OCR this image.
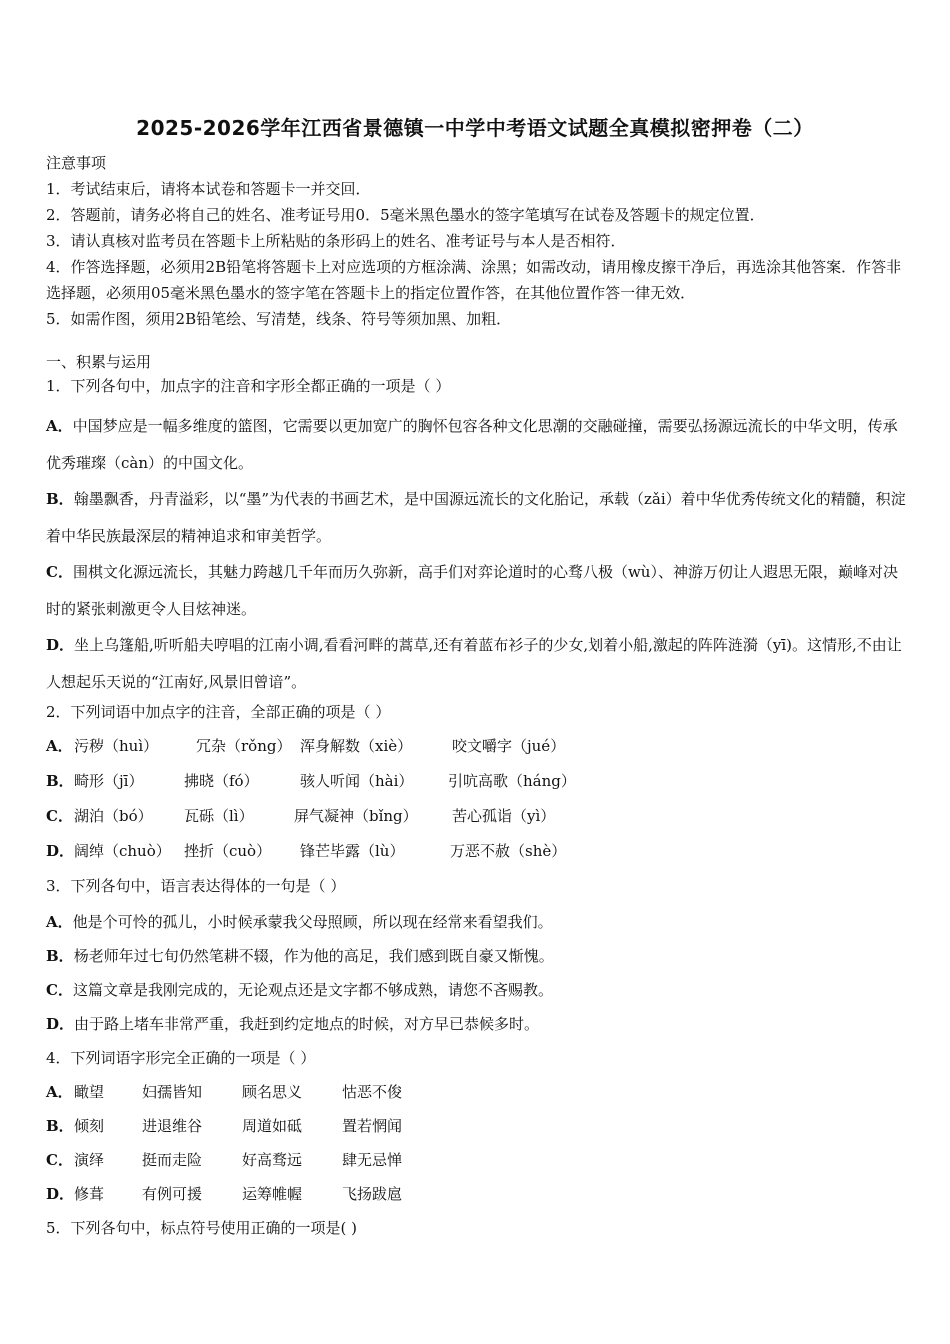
2025-2026学年江西省景德镇一中学中考语文试题全真模拟密押卷（二）

注意事项

1．考试结束后，请将本试卷和答题卡一并交回．

2．答题前，请务必将自己的姓名、准考证号用0．5毫米黑色墨水的签字笔填写在试卷及答题卡的规定位置．

3．请认真核对监考员在答题卡上所粘贴的条形码上的姓名、准考证号与本人是否相符．

4．作答选择题，必须用2B铅笔将答题卡上对应选项的方框涂满、涂黑；如需改动，请用橡皮擦干净后，再选涂其他答案．作答非选择题，必须用05毫米黑色墨水的签字笔在答题卡上的指定位置作答，在其他位置作答一律无效．

5．如需作图，须用2B铅笔绘、写清楚，线条、符号等须加黑、加粗．

一、积累与运用

1．下列各句中，加点字的注音和字形全都正确的一项是（ ）

A．中国梦应是一幅多维度的篮图，它需要以更加宽广的胸怀包容各种文化思潮的交融碰撞，需要弘扬源远流长的中华文明，传承优秀璀璨（càn）的中国文化。

B．翰墨飘香，丹青溢彩，以“墨”为代表的书画艺术，是中国源远流长的文化胎记，承载（zǎi）着中华优秀传统文化的精髓，积淀着中华民族最深层的精神追求和审美哲学。

C．围棋文化源远流长，其魅力跨越几千年而历久弥新，高手们对弈论道时的心骛八极（wù）、神游万仞让人遐思无限，巅峰对决时的紧张刺激更令人目炫神迷。

D．坐上乌篷船,听听船夫哼唱的江南小调,看看河畔的蒿草,还有着蓝布衫子的少女,划着小船,激起的阵阵涟漪（yī)。这情形,不由让人想起乐天说的“江南好,风景旧曾谙”。

2．下列词语中加点字的注音，全部正确的项是（ ）

A． 污秽（huì）	冗杂（rǒng） 浑身解数（xiè）	咬文嚼字（jué）
B． 畸形（jī）	拂晓（fó）	骇人听闻（hài）	引吭高歌（háng）
C． 湖泊（bó）	瓦砾（lì）	屏气凝神（bǐng）	苦心孤诣（yì）
D． 阔绰（chuò） 挫折（cuò）	锋芒毕露（lù）	万恶不赦（shè）

3．下列各句中，语言表达得体的一句是（ ）

A．他是个可怜的孤儿，小时候承蒙我父母照顾，所以现在经常来看望我们。

B．杨老师年过七旬仍然笔耕不辍，作为他的高足，我们感到既自豪又惭愧。

C．这篇文章是我刚完成的，无论观点还是文字都不够成熟，请您不吝赐教。

D．由于路上堵车非常严重，我赶到约定地点的时候，对方早已恭候多时。

4．下列词语字形完全正确的一项是（ ）

A． 瞰望	妇孺皆知	顾名思义	怙恶不俊
B． 倾刻	进退维谷	周道如砥	置若惘闻
C． 演绎	挺而走险	好高骛远	肆无忌惮
D． 修葺	有例可援	运筹帷幄	飞扬跋扈

5．下列各句中，标点符号使用正确的一项是( )
